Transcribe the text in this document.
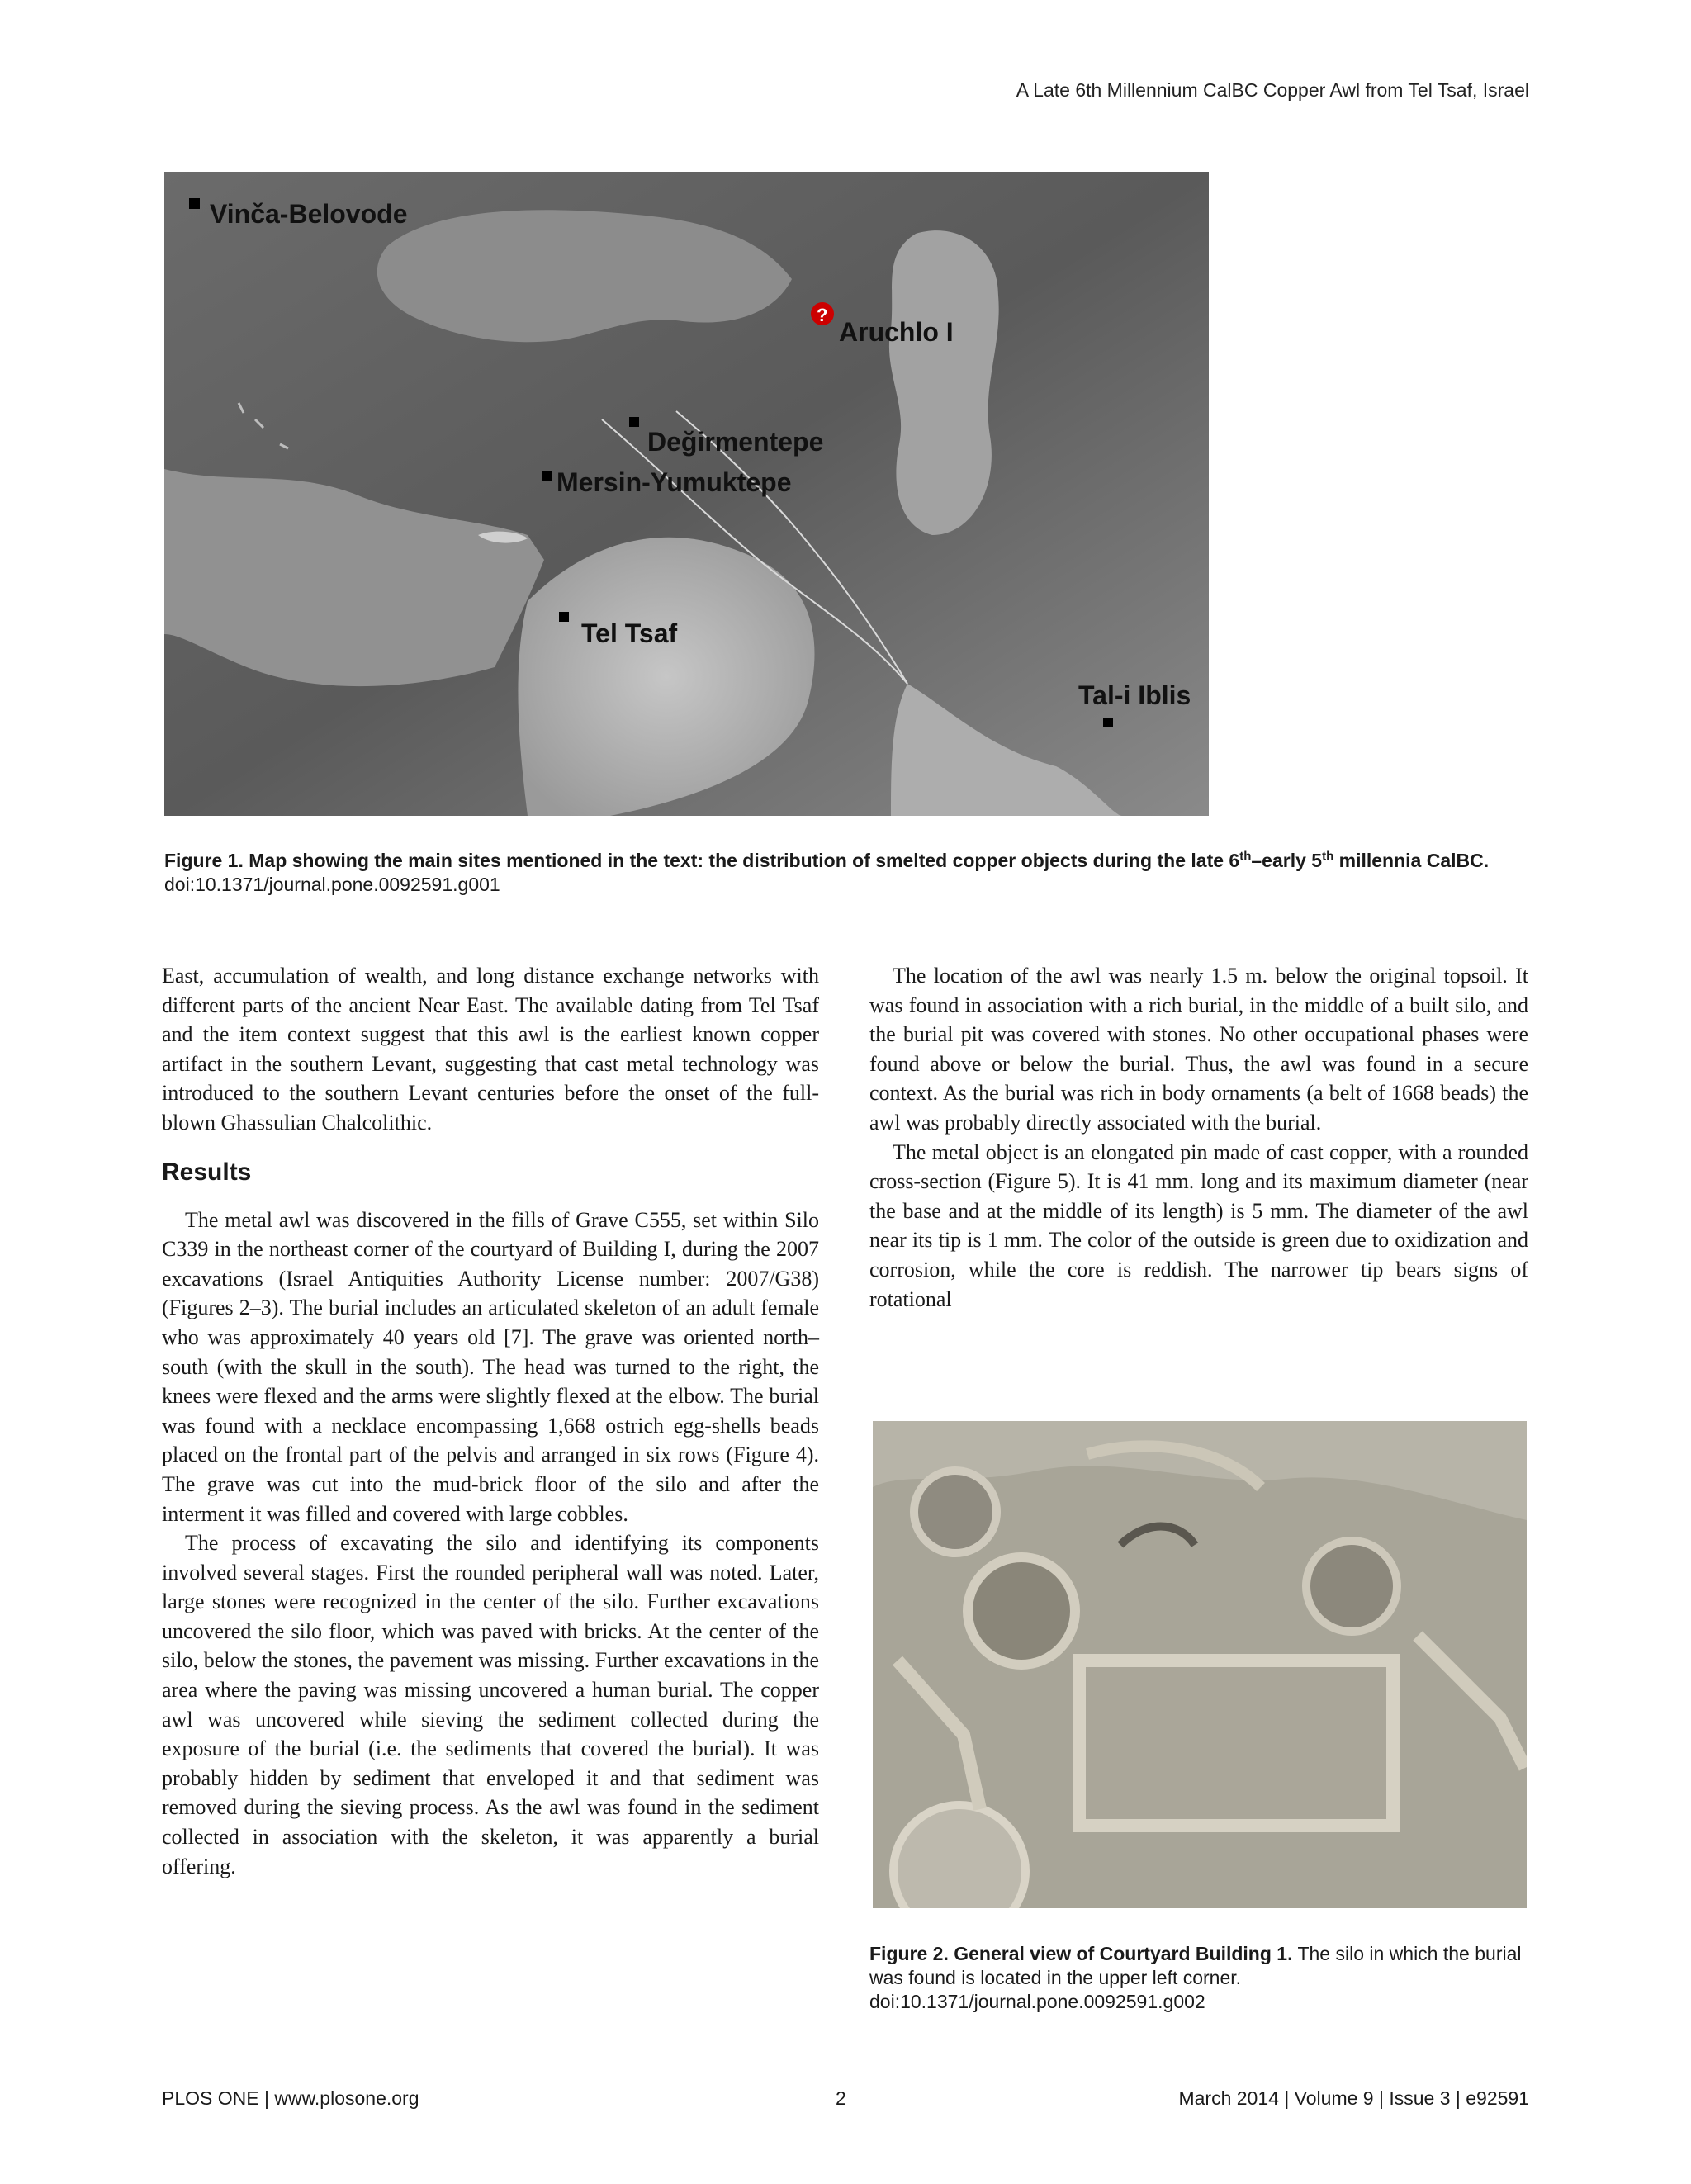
A Late 6th Millennium CalBC Copper Awl from Tel Tsaf, Israel
Vinča-Belovode
?
Aruchlo I
Değirmentepe
Mersin-Yumuktepe
Tel Tsaf
Tal-i Iblis
Figure 1. Map showing the main sites mentioned in the text: the distribution of smelted copper objects during the late 6th–early 5th millennia CalBC.
doi:10.1371/journal.pone.0092591.g001

East, accumulation of wealth, and long distance exchange networks with different parts of the ancient Near East. The available dating from Tel Tsaf and the item context suggest that this awl is the earliest known copper artifact in the southern Levant, suggesting that cast metal technology was introduced to the southern Levant centuries before the onset of the full-blown Ghassulian Chalcolithic.

Results

The metal awl was discovered in the fills of Grave C555, set within Silo C339 in the northeast corner of the courtyard of Building I, during the 2007 excavations (Israel Antiquities Authority License number: 2007/G38) (Figures 2–3). The burial includes an articulated skeleton of an adult female who was approximately 40 years old [7]. The grave was oriented north–south (with the skull in the south). The head was turned to the right, the knees were flexed and the arms were slightly flexed at the elbow. The burial was found with a necklace encompassing 1,668 ostrich egg-shells beads placed on the frontal part of the pelvis and arranged in six rows (Figure 4). The grave was cut into the mud-brick floor of the silo and after the interment it was filled and covered with large cobbles.

The process of excavating the silo and identifying its components involved several stages. First the rounded peripheral wall was noted. Later, large stones were recognized in the center of the silo. Further excavations uncovered the silo floor, which was paved with bricks. At the center of the silo, below the stones, the pavement was missing. Further excavations in the area where the paving was missing uncovered a human burial. The copper awl was uncovered while sieving the sediment collected during the exposure of the burial (i.e. the sediments that covered the burial). It was probably hidden by sediment that enveloped it and that sediment was removed during the sieving process. As the awl was found in the sediment collected in association with the skeleton, it was apparently a burial offering.

The location of the awl was nearly 1.5 m. below the original topsoil. It was found in association with a rich burial, in the middle of a built silo, and the burial pit was covered with stones. No other occupational phases were found above or below the burial. Thus, the awl was found in a secure context. As the burial was rich in body ornaments (a belt of 1668 beads) the awl was probably directly associated with the burial.

The metal object is an elongated pin made of cast copper, with a rounded cross-section (Figure 5). It is 41 mm. long and its maximum diameter (near the base and at the middle of its length) is 5 mm. The diameter of the awl near its tip is 1 mm. The color of the outside is green due to oxidization and corrosion, while the core is reddish. The narrower tip bears signs of rotational

Figure 2. General view of Courtyard Building 1. The silo in which the burial was found is located in the upper left corner.
doi:10.1371/journal.pone.0092591.g002
PLOS ONE | www.plosone.org	2	March 2014 | Volume 9 | Issue 3 | e92591
